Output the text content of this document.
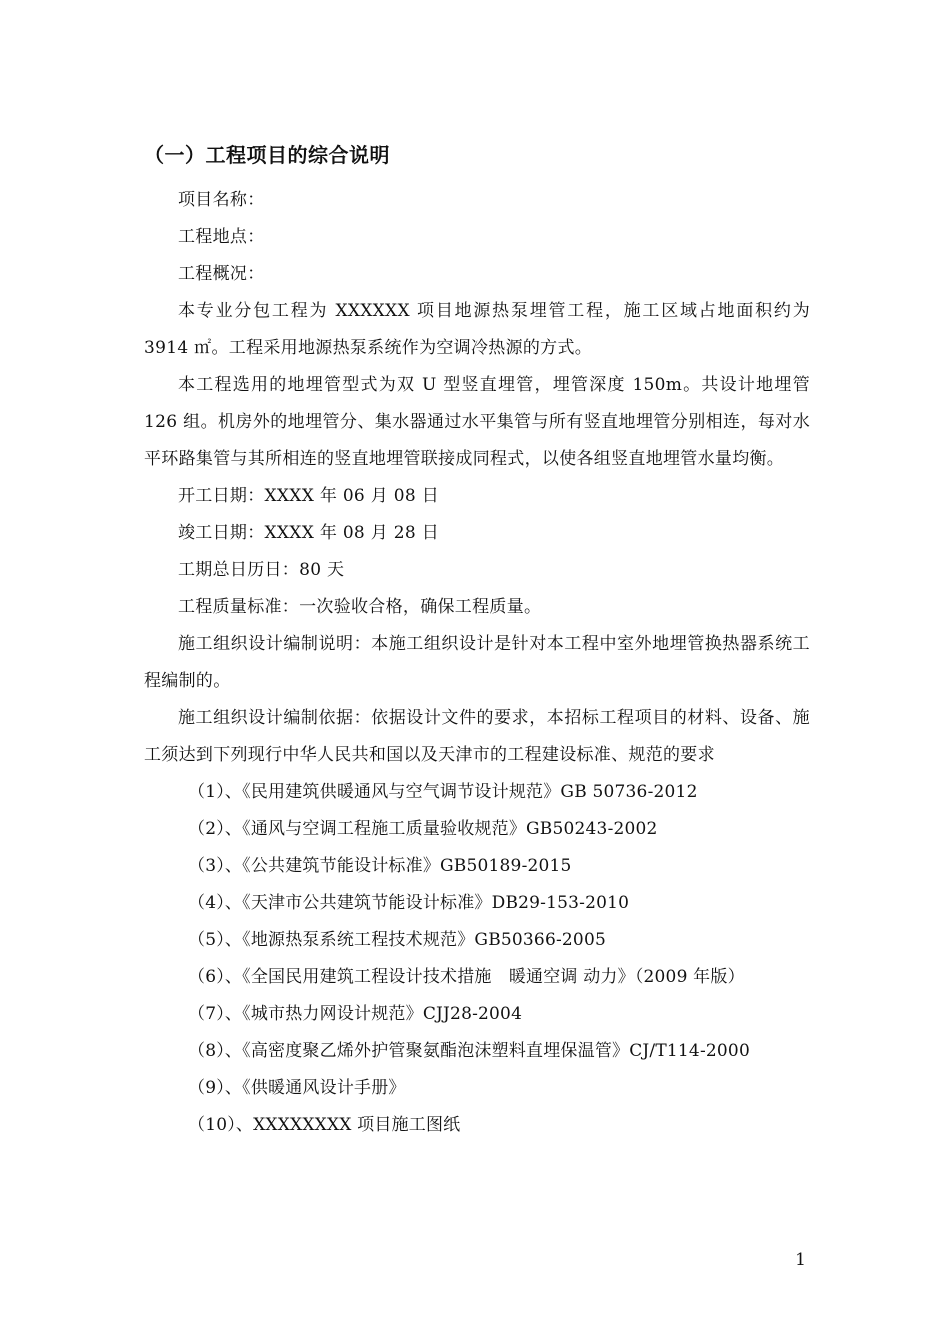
（一）工程项目的综合说明

项目名称：

工程地点：

工程概况：

本专业分包工程为 XXXXXX 项目地源热泵埋管工程，施工区域占地面积约为 3914 ㎡。工程采用地源热泵系统作为空调冷热源的方式。

本工程选用的地埋管型式为双 U 型竖直埋管，埋管深度 150m。共设计地埋管 126 组。机房外的地埋管分、集水器通过水平集管与所有竖直地埋管分别相连，每对水平环路集管与其所相连的竖直地埋管联接成同程式，以使各组竖直地埋管水量均衡。

开工日期：XXXX 年 06 月 08 日

竣工日期：XXXX 年 08 月 28 日

工期总日历日：80 天

工程质量标准：一次验收合格，确保工程质量。

施工组织设计编制说明：本施工组织设计是针对本工程中室外地埋管换热器系统工程编制的。

施工组织设计编制依据：依据设计文件的要求，本招标工程项目的材料、设备、施工须达到下列现行中华人民共和国以及天津市的工程建设标准、规范的要求

（1）、《民用建筑供暖通风与空气调节设计规范》GB 50736-2012

（2）、《通风与空调工程施工质量验收规范》GB50243-2002

（3）、《公共建筑节能设计标准》GB50189-2015

（4）、《天津市公共建筑节能设计标准》DB29-153-2010

（5）、《地源热泵系统工程技术规范》GB50366-2005

（6）、《全国民用建筑工程设计技术措施　暖通空调 动力》（2009 年版）

（7）、《城市热力网设计规范》CJJ28-2004

（8）、《高密度聚乙烯外护管聚氨酯泡沫塑料直埋保温管》CJ/T114-2000

（9）、《供暖通风设计手册》

（10）、XXXXXXXX 项目施工图纸

1
